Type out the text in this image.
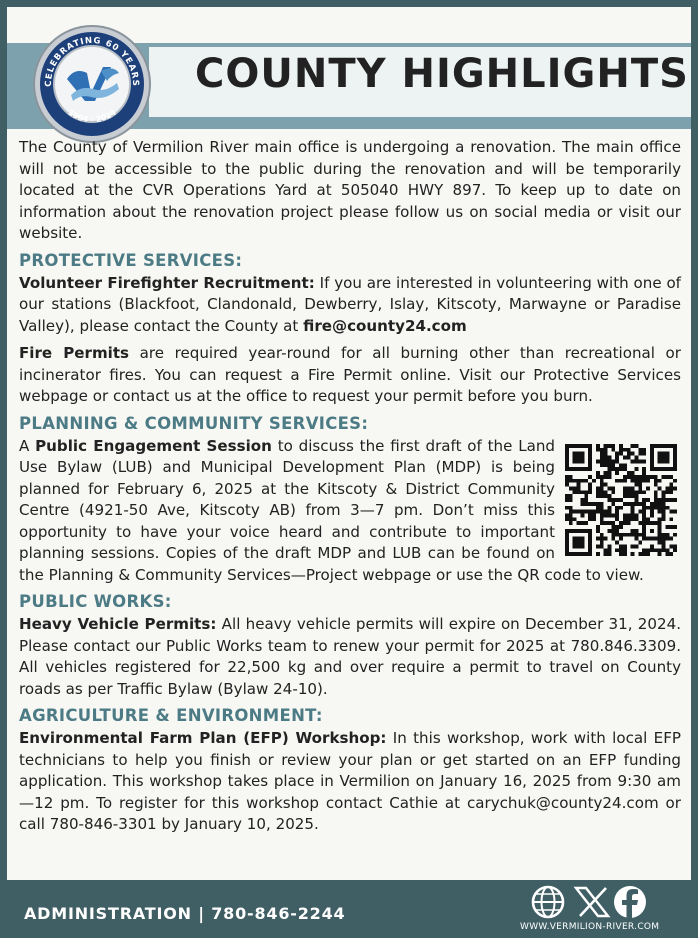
CELEBRATING 60 YEARS
1964 · 2024
COUNTY HIGHLIGHTS

The County of Vermilion River main office is undergoing a renovation. The main office will not be accessible to the public during the renovation and will be temporarily located at the CVR Operations Yard at 505040 HWY 897. To keep up to date on information about the renovation project please follow us on social media or visit our website.

PROTECTIVE SERVICES:

Volunteer Firefighter Recruitment: If you are interested in volunteering with one of our stations (Blackfoot, Clandonald, Dewberry, Islay, Kitscoty, Marwayne or Paradise Valley), please contact the County at fire@county24.com

Fire Permits are required year-round for all burning other than recreational or incinerator fires. You can request a Fire Permit online. Visit our Protective Services webpage or contact us at the office to request your permit before you burn.

PLANNING & COMMUNITY SERVICES:

A Public Engagement Session to discuss the first draft of the Land Use Bylaw (LUB) and Municipal Development Plan (MDP) is being planned for February 6, 2025 at the Kitscoty & District Community Centre (4921-50 Ave, Kitscoty AB) from 3—7 pm. Don’t miss this opportunity to have your voice heard and contribute to important planning sessions. Copies of the draft MDP and LUB can be found on the Planning & Community Services—Project webpage or use the QR code to view.

PUBLIC WORKS:

Heavy Vehicle Permits: All heavy vehicle permits will expire on December 31, 2024. Please contact our Public Works team to renew your permit for 2025 at 780.846.3309. All vehicles registered for 22,500 kg and over require a permit to travel on County roads as per Traffic Bylaw (Bylaw 24-10).

AGRICULTURE & ENVIRONMENT:

Environmental Farm Plan (EFP) Workshop: In this workshop, work with local EFP technicians to help you finish or review your plan or get started on an EFP funding application. This workshop takes place in Vermilion on January 16, 2025 from 9:30 am—12 pm. To register for this workshop contact Cathie at carychuk@county24.com or call 780-846-3301 by January 10, 2025.

ADMINISTRATION | 780-846-2244
WWW.VERMILION-RIVER.COM
